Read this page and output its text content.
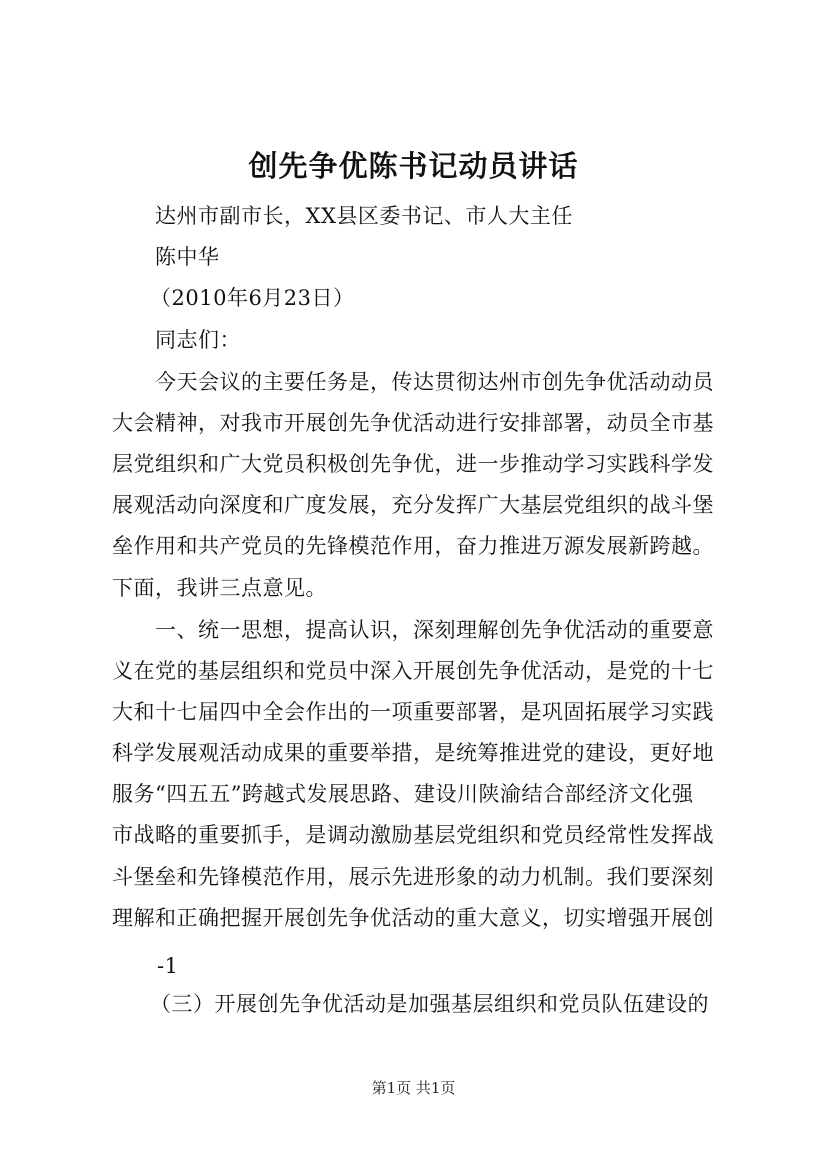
创先争优陈书记动员讲话
达州市副市长，XX县区委书记、市人大主任
陈中华
（2010年6月23日）
同志们：
今天会议的主要任务是，传达贯彻达州市创先争优活动动员
大会精神，对我市开展创先争优活动进行安排部署，动员全市基
层党组织和广大党员积极创先争优，进一步推动学习实践科学发
展观活动向深度和广度发展，充分发挥广大基层党组织的战斗堡
垒作用和共产党员的先锋模范作用，奋力推进万源发展新跨越。
下面，我讲三点意见。
一、统一思想，提高认识，深刻理解创先争优活动的重要意
义在党的基层组织和党员中深入开展创先争优活动，是党的十七
大和十七届四中全会作出的一项重要部署，是巩固拓展学习实践
科学发展观活动成果的重要举措，是统筹推进党的建设，更好地
服务“四五五”跨越式发展思路、建设川陕渝结合部经济文化强
市战略的重要抓手，是调动激励基层党组织和党员经常性发挥战
斗堡垒和先锋模范作用，展示先进形象的动力机制。我们要深刻
理解和正确把握开展创先争优活动的重大意义，切实增强开展创
-1
（三）开展创先争优活动是加强基层组织和党员队伍建设的
第1页 共1页
